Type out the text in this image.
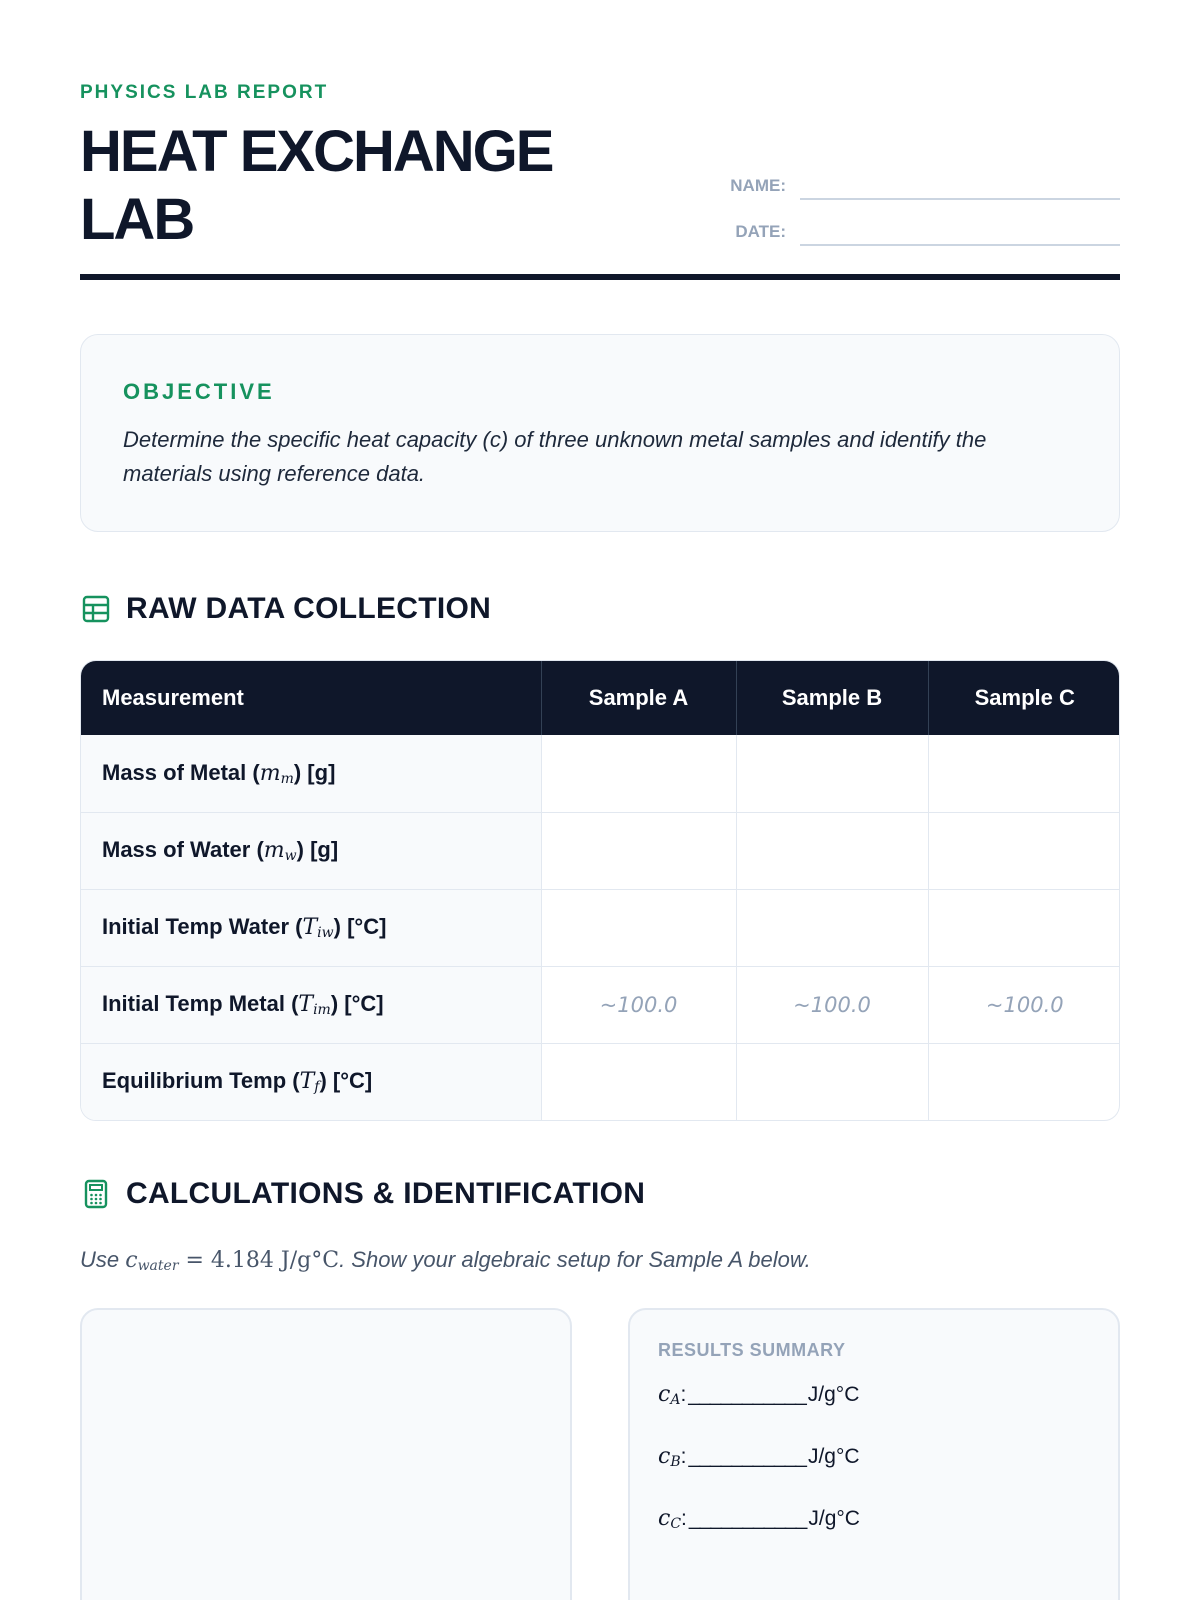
PHYSICS LAB REPORT
HEAT EXCHANGE
LAB
NAME:
DATE:
OBJECTIVE
Determine the specific heat capacity (c) of three unknown metal samples and identify the materials using reference data.
RAW DATA COLLECTION
Measurement	Sample A	Sample B	Sample C
Mass of Metal $(m_m)$ [g]			
Mass of Water $(m_w)$ [g]			
Initial Temp Water $(T_{iw})$ [°C]			
Initial Temp Metal $(T_{im})$ [°C]	~100.0	~100.0	~100.0
Equilibrium Temp $(T_f)$ [°C]			
CALCULATIONS & IDENTIFICATION
Use $c_{water} = 4.184$ J/g°C. Show your algebraic setup for Sample A below.
RESULTS SUMMARY
$c_A$ : ___________ J/g°C
$c_B$ : ___________ J/g°C
$c_C$ : ___________ J/g°C
